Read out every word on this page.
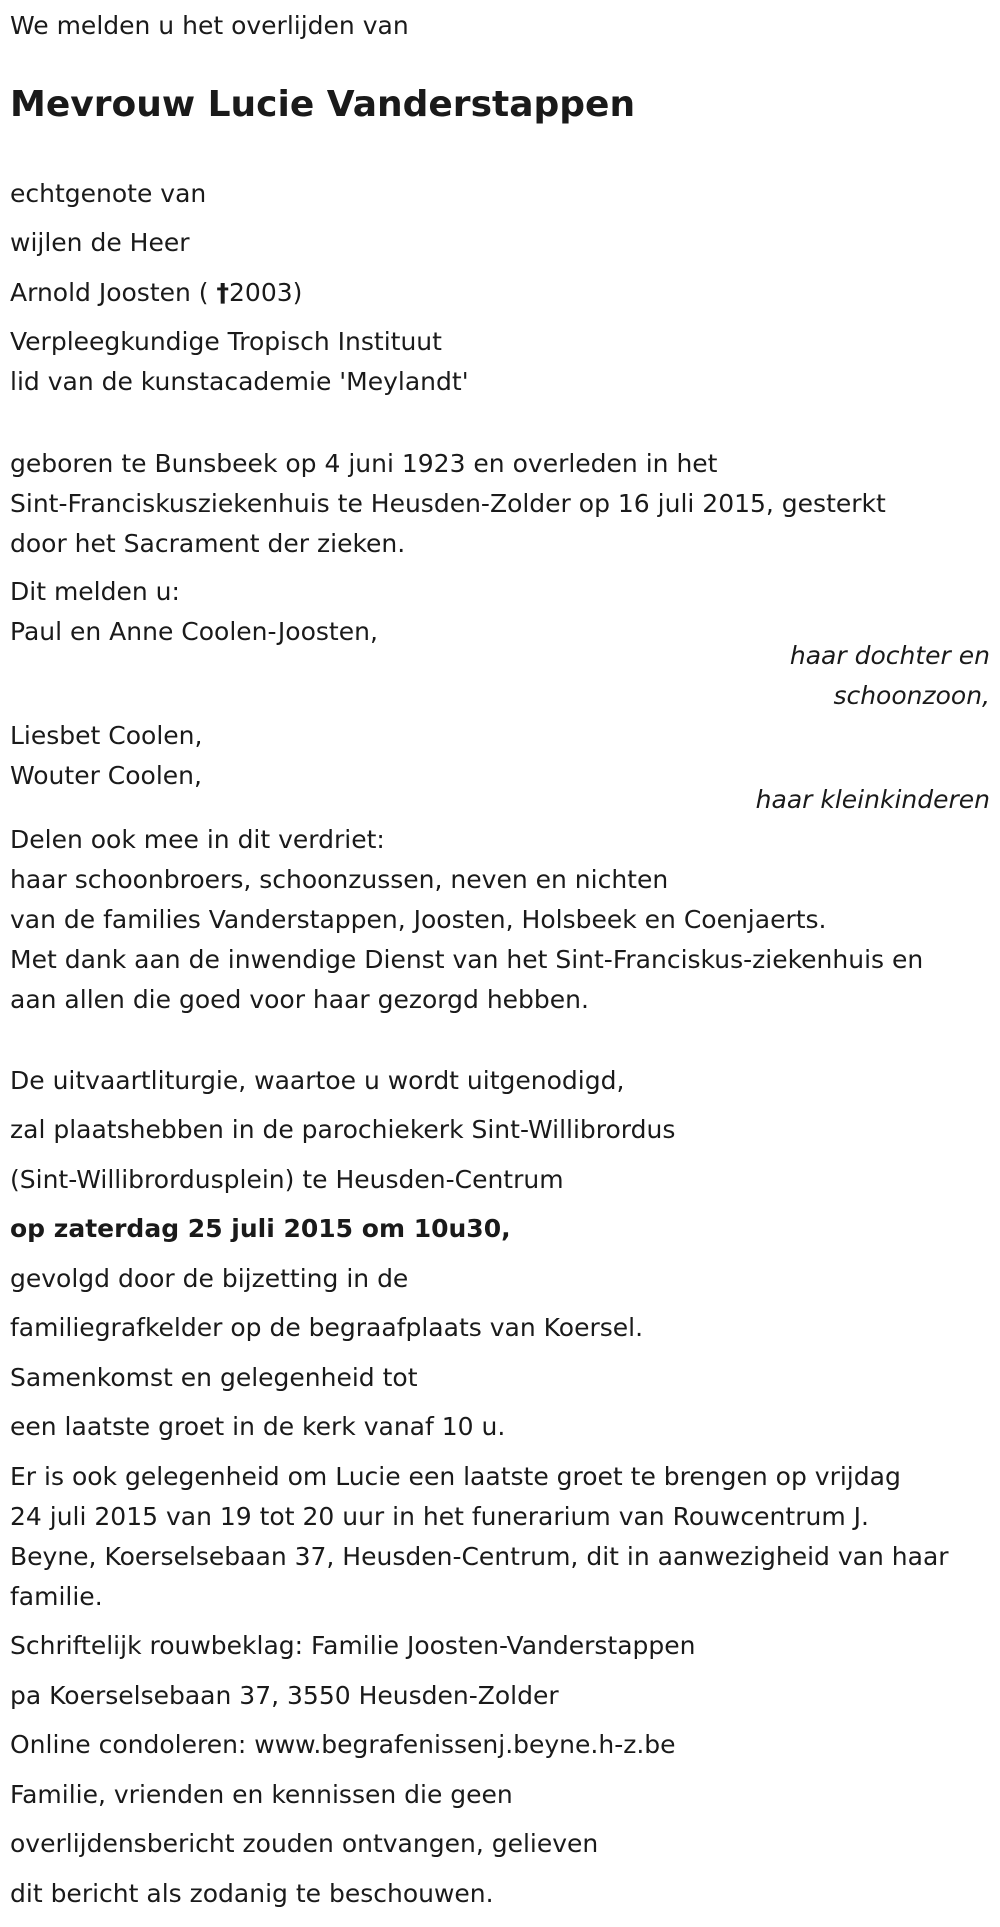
We melden u het overlijden van
Mevrouw Lucie Vanderstappen
echtgenote van
wijlen de Heer
Arnold Joosten ( †2003)
Verpleegkundige Tropisch Instituut
lid van de kunstacademie 'Meylandt'
geboren te Bunsbeek op 4 juni 1923 en overleden in het
Sint-Franciskusziekenhuis te Heusden-Zolder op 16 juli 2015, gesterkt
door het Sacrament der zieken.
Dit melden u:
Paul en Anne Coolen-Joosten,
haar dochter en
schoonzoon,
Liesbet Coolen,
Wouter Coolen,
haar kleinkinderen
Delen ook mee in dit verdriet:
haar schoonbroers, schoonzussen, neven en nichten
van de families Vanderstappen, Joosten, Holsbeek en Coenjaerts.
Met dank aan de inwendige Dienst van het Sint-Franciskus-ziekenhuis en
aan allen die goed voor haar gezorgd hebben.
De uitvaartliturgie, waartoe u wordt uitgenodigd,
zal plaatshebben in de parochiekerk Sint-Willibrordus
(Sint-Willibrordusplein) te Heusden-Centrum
op zaterdag 25 juli 2015 om 10u30,
gevolgd door de bijzetting in de
familiegrafkelder op de begraafplaats van Koersel.
Samenkomst en gelegenheid tot
een laatste groet in de kerk vanaf 10 u.
Er is ook gelegenheid om Lucie een laatste groet te brengen op vrijdag
24 juli 2015 van 19 tot 20 uur in het funerarium van Rouwcentrum J.
Beyne, Koerselsebaan 37, Heusden-Centrum, dit in aanwezigheid van haar
familie.
Schriftelijk rouwbeklag: Familie Joosten-Vanderstappen
pa Koerselsebaan 37, 3550 Heusden-Zolder
Online condoleren: www.begrafenissenj.beyne.h-z.be
Familie, vrienden en kennissen die geen
overlijdensbericht zouden ontvangen, gelieven
dit bericht als zodanig te beschouwen.
